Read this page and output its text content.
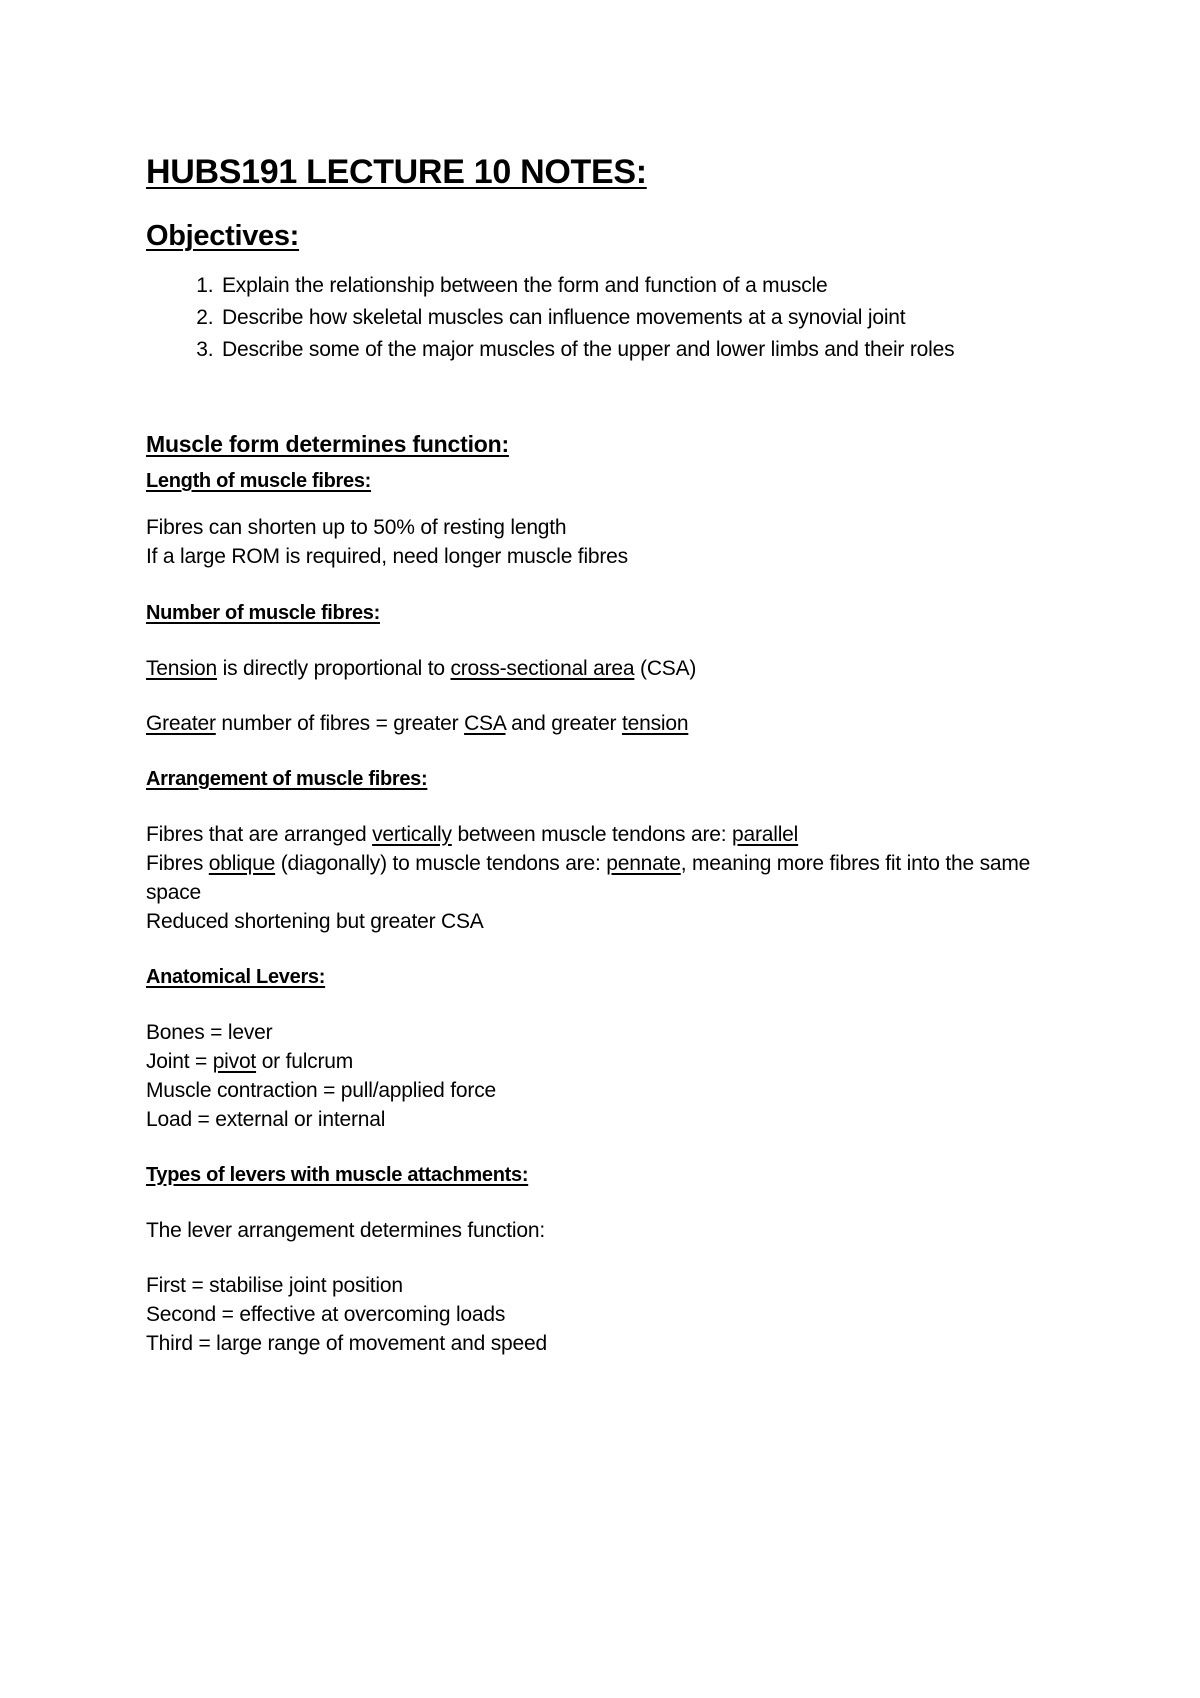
HUBS191 LECTURE 10 NOTES:
Objectives:
1. Explain the relationship between the form and function of a muscle
2. Describe how skeletal muscles can influence movements at a synovial joint
3. Describe some of the major muscles of the upper and lower limbs and their roles
Muscle form determines function:
Length of muscle fibres:

Fibres can shorten up to 50% of resting length

If a large ROM is required, need longer muscle fibres

Number of muscle fibres:

Tension is directly proportional to cross-sectional area (CSA)

Greater number of fibres = greater CSA and greater tension

Arrangement of muscle fibres:

Fibres that are arranged vertically between muscle tendons are: parallel

Fibres oblique (diagonally) to muscle tendons are: pennate, meaning more fibres fit into the same space

Reduced shortening but greater CSA

Anatomical Levers:

Bones = lever

Joint = pivot or fulcrum

Muscle contraction = pull/applied force

Load = external or internal

Types of levers with muscle attachments:

The lever arrangement determines function:

First = stabilise joint position

Second = effective at overcoming loads

Third = large range of movement and speed
